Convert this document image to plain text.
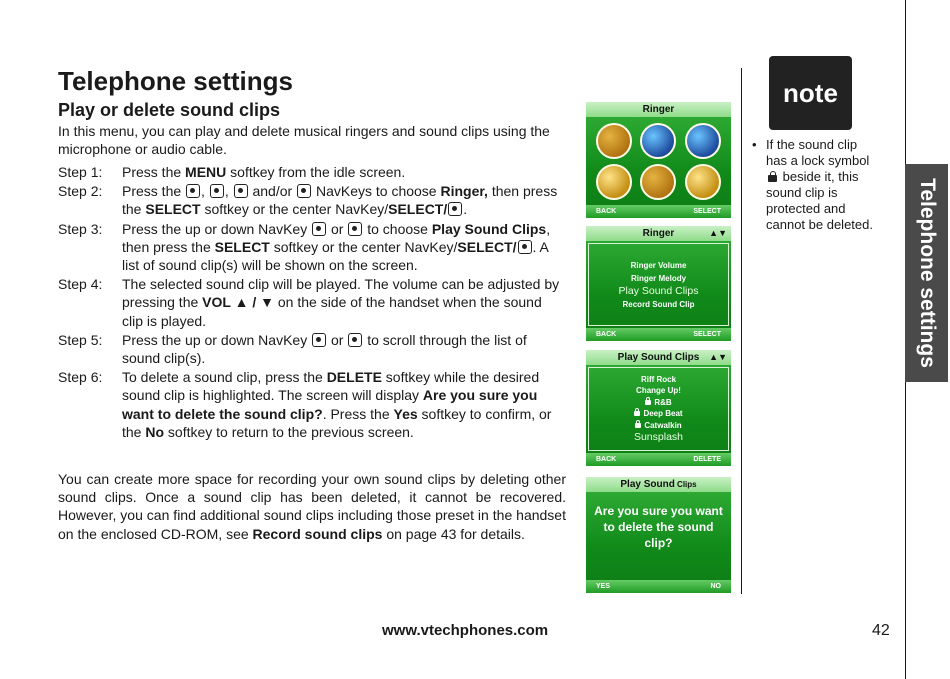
Telephone settings
Play or delete sound clips
In this menu, you can play and delete musical ringers and sound clips using the microphone or audio cable.
Step 1:	Press the MENU softkey from the idle screen.
Step 2:	Press the , ,  and/or  NavKeys to choose Ringer, then press the SELECT softkey or the center NavKey/SELECT/ .
Step 3:	Press the up or down NavKey  or  to choose Play Sound Clips, then press the SELECT softkey or the center NavKey/SELECT/ . A list of sound clip(s) will be shown on the screen.
Step 4:	The selected sound clip will be played. The volume can be adjusted by pressing the VOL ▲ / ▼ on the side of the handset when the sound clip is played.
Step 5:	Press the up or down NavKey  or  to scroll through the list of sound clip(s).
Step 6:	To delete a sound clip, press the DELETE softkey while the desired sound clip is highlighted. The screen will display Are you sure you want to delete the sound clip?. Press the Yes softkey to confirm, or the No softkey to return to the previous screen.
You can create more space for recording your own sound clips by deleting other sound clips. Once a sound clip has been deleted, it cannot be recovered. However, you can find additional sound clips including those preset in the handset on the enclosed CD-ROM, see Record sound clips on page 43 for details.
Ringer
BACK	SELECT
Ringer	▲▼
Ringer Volume
Ringer Melody
Play Sound Clips
Record Sound Clip
BACK	SELECT
Play Sound Clips ▲▼
Riff Rock
Change Up!
R&B
Deep Beat
Catwalkin
Sunsplash
BACK	DELETE
Play Sound Clips
Are you sure you want to delete the sound clip?
YES	NO
note
• If the sound clip has a lock symbol  beside it, this sound clip is protected and cannot be deleted.	Telephone settings
www.vtechphones.com	42
